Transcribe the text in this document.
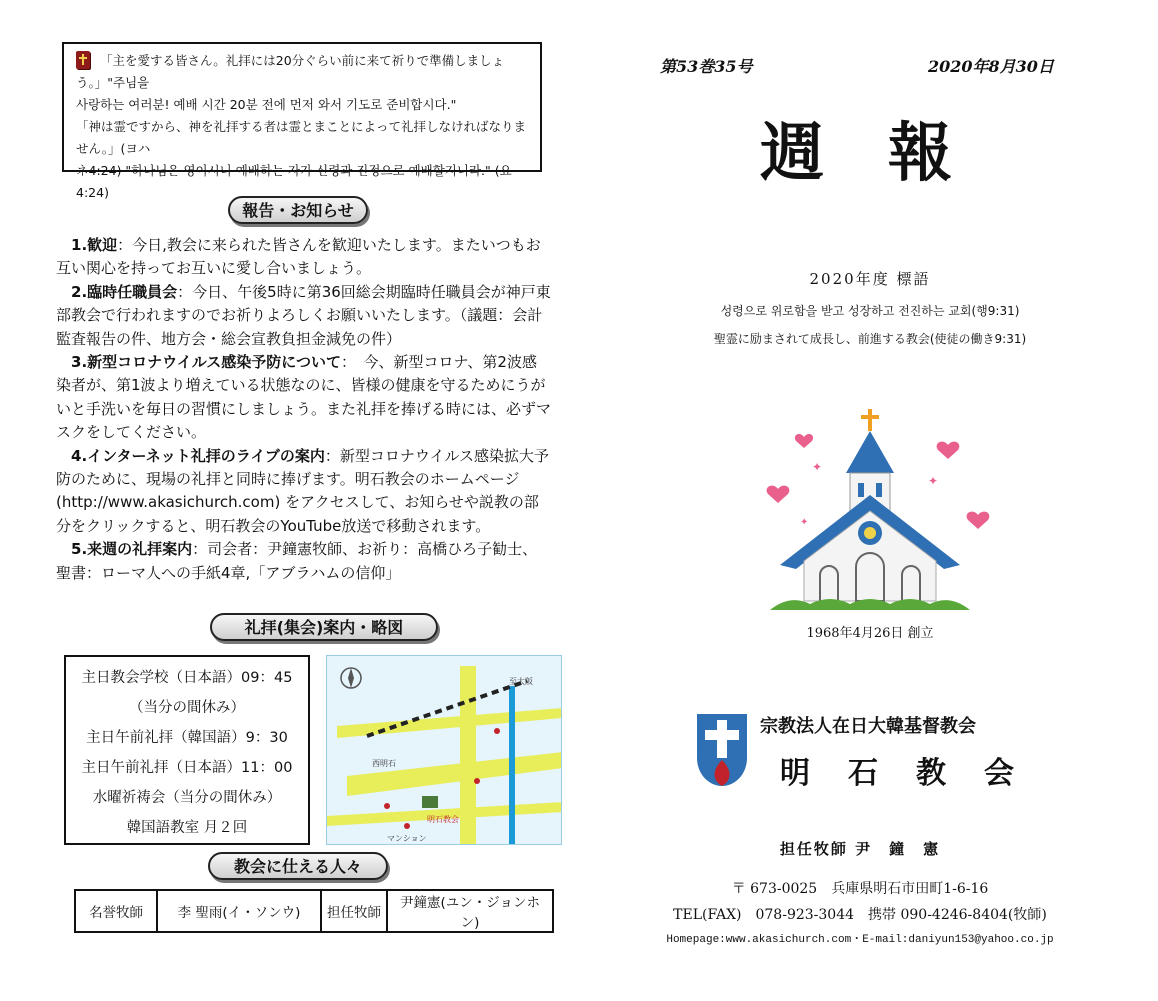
「主を愛する皆さん。礼拝には20分ぐらい前に来て祈りで準備しましょう。」"주님을
사랑하는 여러분! 예배 시간 20분 전에 먼저 와서 기도로 준비합시다."
「神は霊ですから、神を礼拝する者は霊とまことによって礼拝しなければなりません。」(ヨハ
ネ4:24) "하나님은 영이시니 예배하는 자가 신령과 진정으로 예배할지니라." (요
4:24)
報告・お知らせ

　1.歓迎：今日,教会に来られた皆さんを歓迎いたします。またいつもお互い関心を持ってお互いに愛し合いましょう。

　2.臨時任職員会：今日、午後5時に第36回総会期臨時任職員会が神戸東部教会で行われますのでお祈りよろしくお願いいたします。（議題：会計監査報告の件、地方会・総会宣教負担金減免の件）

　3.新型コロナウイルス感染予防について：　今、新型コロナ、第2波感染者が、第1波より増えている状態なのに、皆様の健康を守るためにうがいと手洗いを毎日の習慣にしましょう。また礼拝を捧げる時には、必ずマスクをしてください。

　4.インターネット礼拝のライブの案内：新型コロナウイルス感染拡大予防のために、現場の礼拝と同時に捧げます。明石教会のホームページ(http://www.akasichurch.com) をアクセスして、お知らせや説教の部分をクリックすると、明石教会のYouTube放送で移動されます。

　5.来週の礼拝案内：司会者：尹鐘憲牧師、お祈り：高橋ひろ子勧士、聖書：ローマ人への手紙4章,「アブラハムの信仰」

礼拝(集会)案内・略図
主日教会学校（日本語）09：45
（当分の間休み）
主日午前礼拝（韓国語）9：30
主日午前礼拝（日本語）11：00
水曜祈祷会（当分の間休み）
韓国語教室 月２回
至大阪
明石教会
西明石
マンション
教会に仕える人々
名誉牧師	李 聖雨(イ・ソンウ)	担任牧師	尹鐘憲(ユン・ジョンホン)
第53巻35号	2020年8月30日
週　報
2020年度 標語
성령으로 위로함을 받고 성장하고 전진하는 교회(행9:31)
聖霊に励まされて成長し、前進する教会(使徒の働き9:31)
✦
✦
✦
1968年4月26日 創立
宗教法人在日大韓基督教会
明　石　教　会
担任牧師 尹　鐘　憲
〒 673-0025　兵庫県明石市田町1-6-16
TEL(FAX)　078-923-3044　携帯 090-4246-8404(牧師)
Homepage:www.akasichurch.com・E-mail:daniyun153@yahoo.co.jp
